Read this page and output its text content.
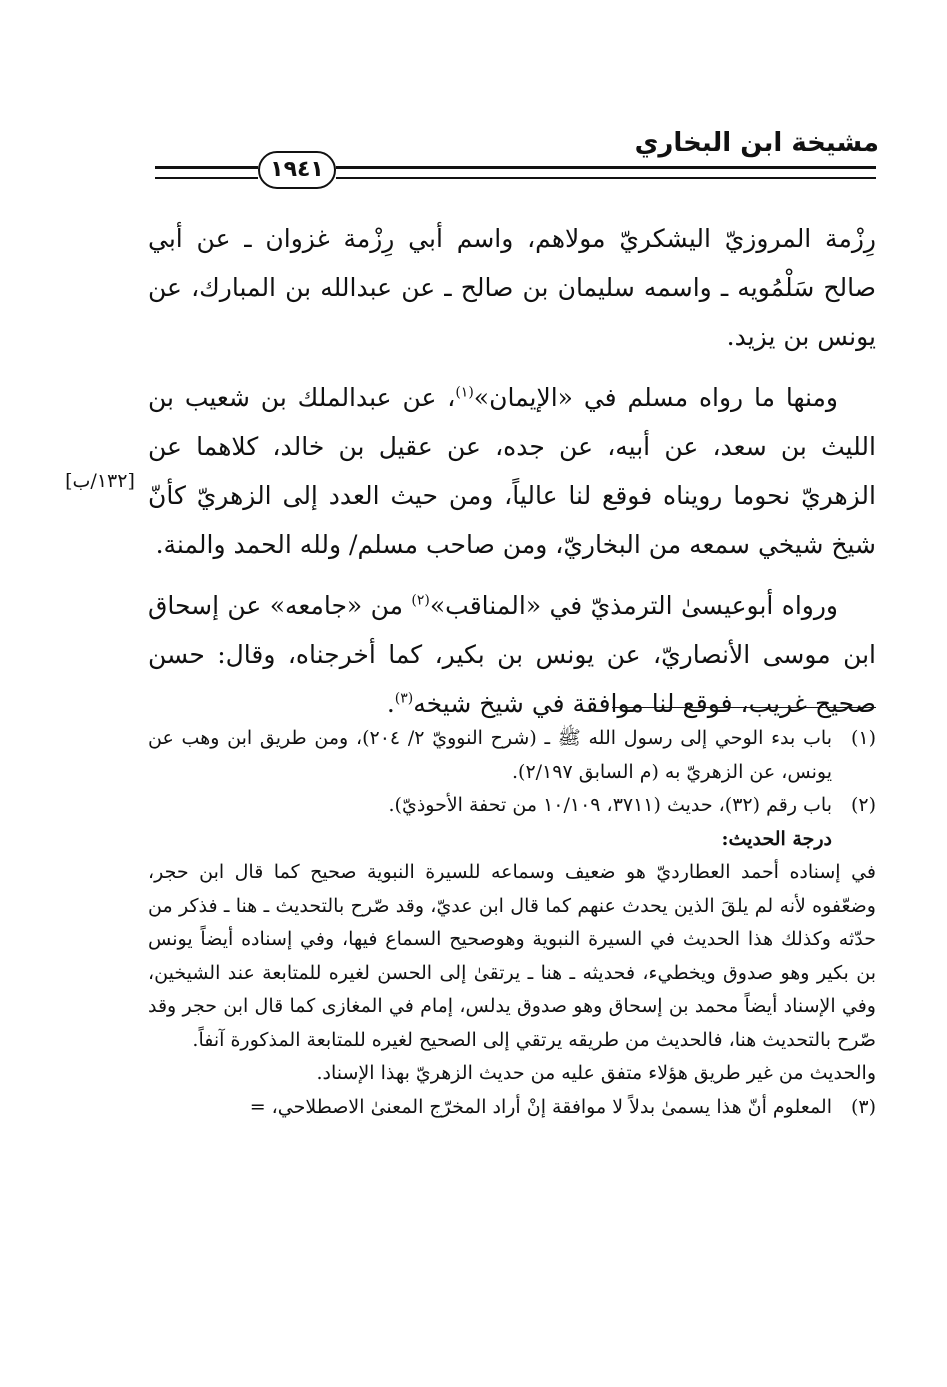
مشيخة ابن البخاري
١٩٤١

رِزْمة المروزيّ اليشكريّ مولاهم، واسم أبي رِزْمة غزوان ـ عن أبي صالح سَلْمُويه ـ واسمه سليمان بن صالح ـ عن عبدالله بن المبارك، عن يونس بن يزيد.

ومنها ما رواه مسلم في «الإيمان»$^{(١)}$، عن عبدالملك بن شعيب بن الليث بن سعد، عن أبيه، عن جده، عن عقيل بن خالد، كلاهما عن الزهريّ نحوما رويناه فوقع لنا عالياً، ومن حيث العدد إلى الزهريّ كأنّ شيخ شيخي سمعه من البخاريّ، ومن صاحب مسلم/ ولله الحمد والمنة.

ورواه أبوعيسىٰ الترمذيّ في «المناقب»$^{(٢)}$ من «جامعه» عن إسحاق ابن موسى الأنصاريّ، عن يونس بن بكير، كما أخرجناه، وقال: حسن صحيح غريب، فوقع لنا موافقة في شيخ شيخه$^{(٣)}$.

[١٣٢/ب]
(١)
باب بدء الوحي إلى رسول الله ﷺ ـ (شرح النوويّ ٢/ ٢٠٤)، ومن طريق ابن وهب عن يونس، عن الزهريّ به (م السابق ٢/١٩٧).
(٢)

باب رقم (٣٢)، حديث (٣٧١١، ١٠/١٠٩ من تحفة الأحوذيّ).

درجة الحديث:

في إسناده أحمد العطارديّ هو ضعيف وسماعه للسيرة النبوية صحيح كما قال ابن حجر، وضعّفوه لأنه لم يلقَ الذين يحدث عنهم كما قال ابن عديّ، وقد صّرح بالتحديث ـ هنا ـ فذكر من حدّثه وكذلك هذا الحديث في السيرة النبوية وهوصحيح السماع فيها، وفي إسناده أيضاً يونس بن بكير وهو صدوق ويخطيء، فحديثه ـ هنا ـ يرتقىٰ إلى الحسن لغيره للمتابعة عند الشيخين، وفي الإسناد أيضاً محمد بن إسحاق وهو صدوق يدلس، إمام في المغازى كما قال ابن حجر وقد صّرح بالتحديث هنا، فالحديث من طريقه يرتقي إلى الصحيح لغيره للمتابعة المذكورة آنفاً.

والحديث من غير طريق هؤلاء متفق عليه من حديث الزهريّ بهذا الإسناد.

(٣)
المعلوم أنّ هذا يسمىٰ بدلاً لا موافقة إنْ أراد المخرّج المعنىٰ الاصطلاحي، =
